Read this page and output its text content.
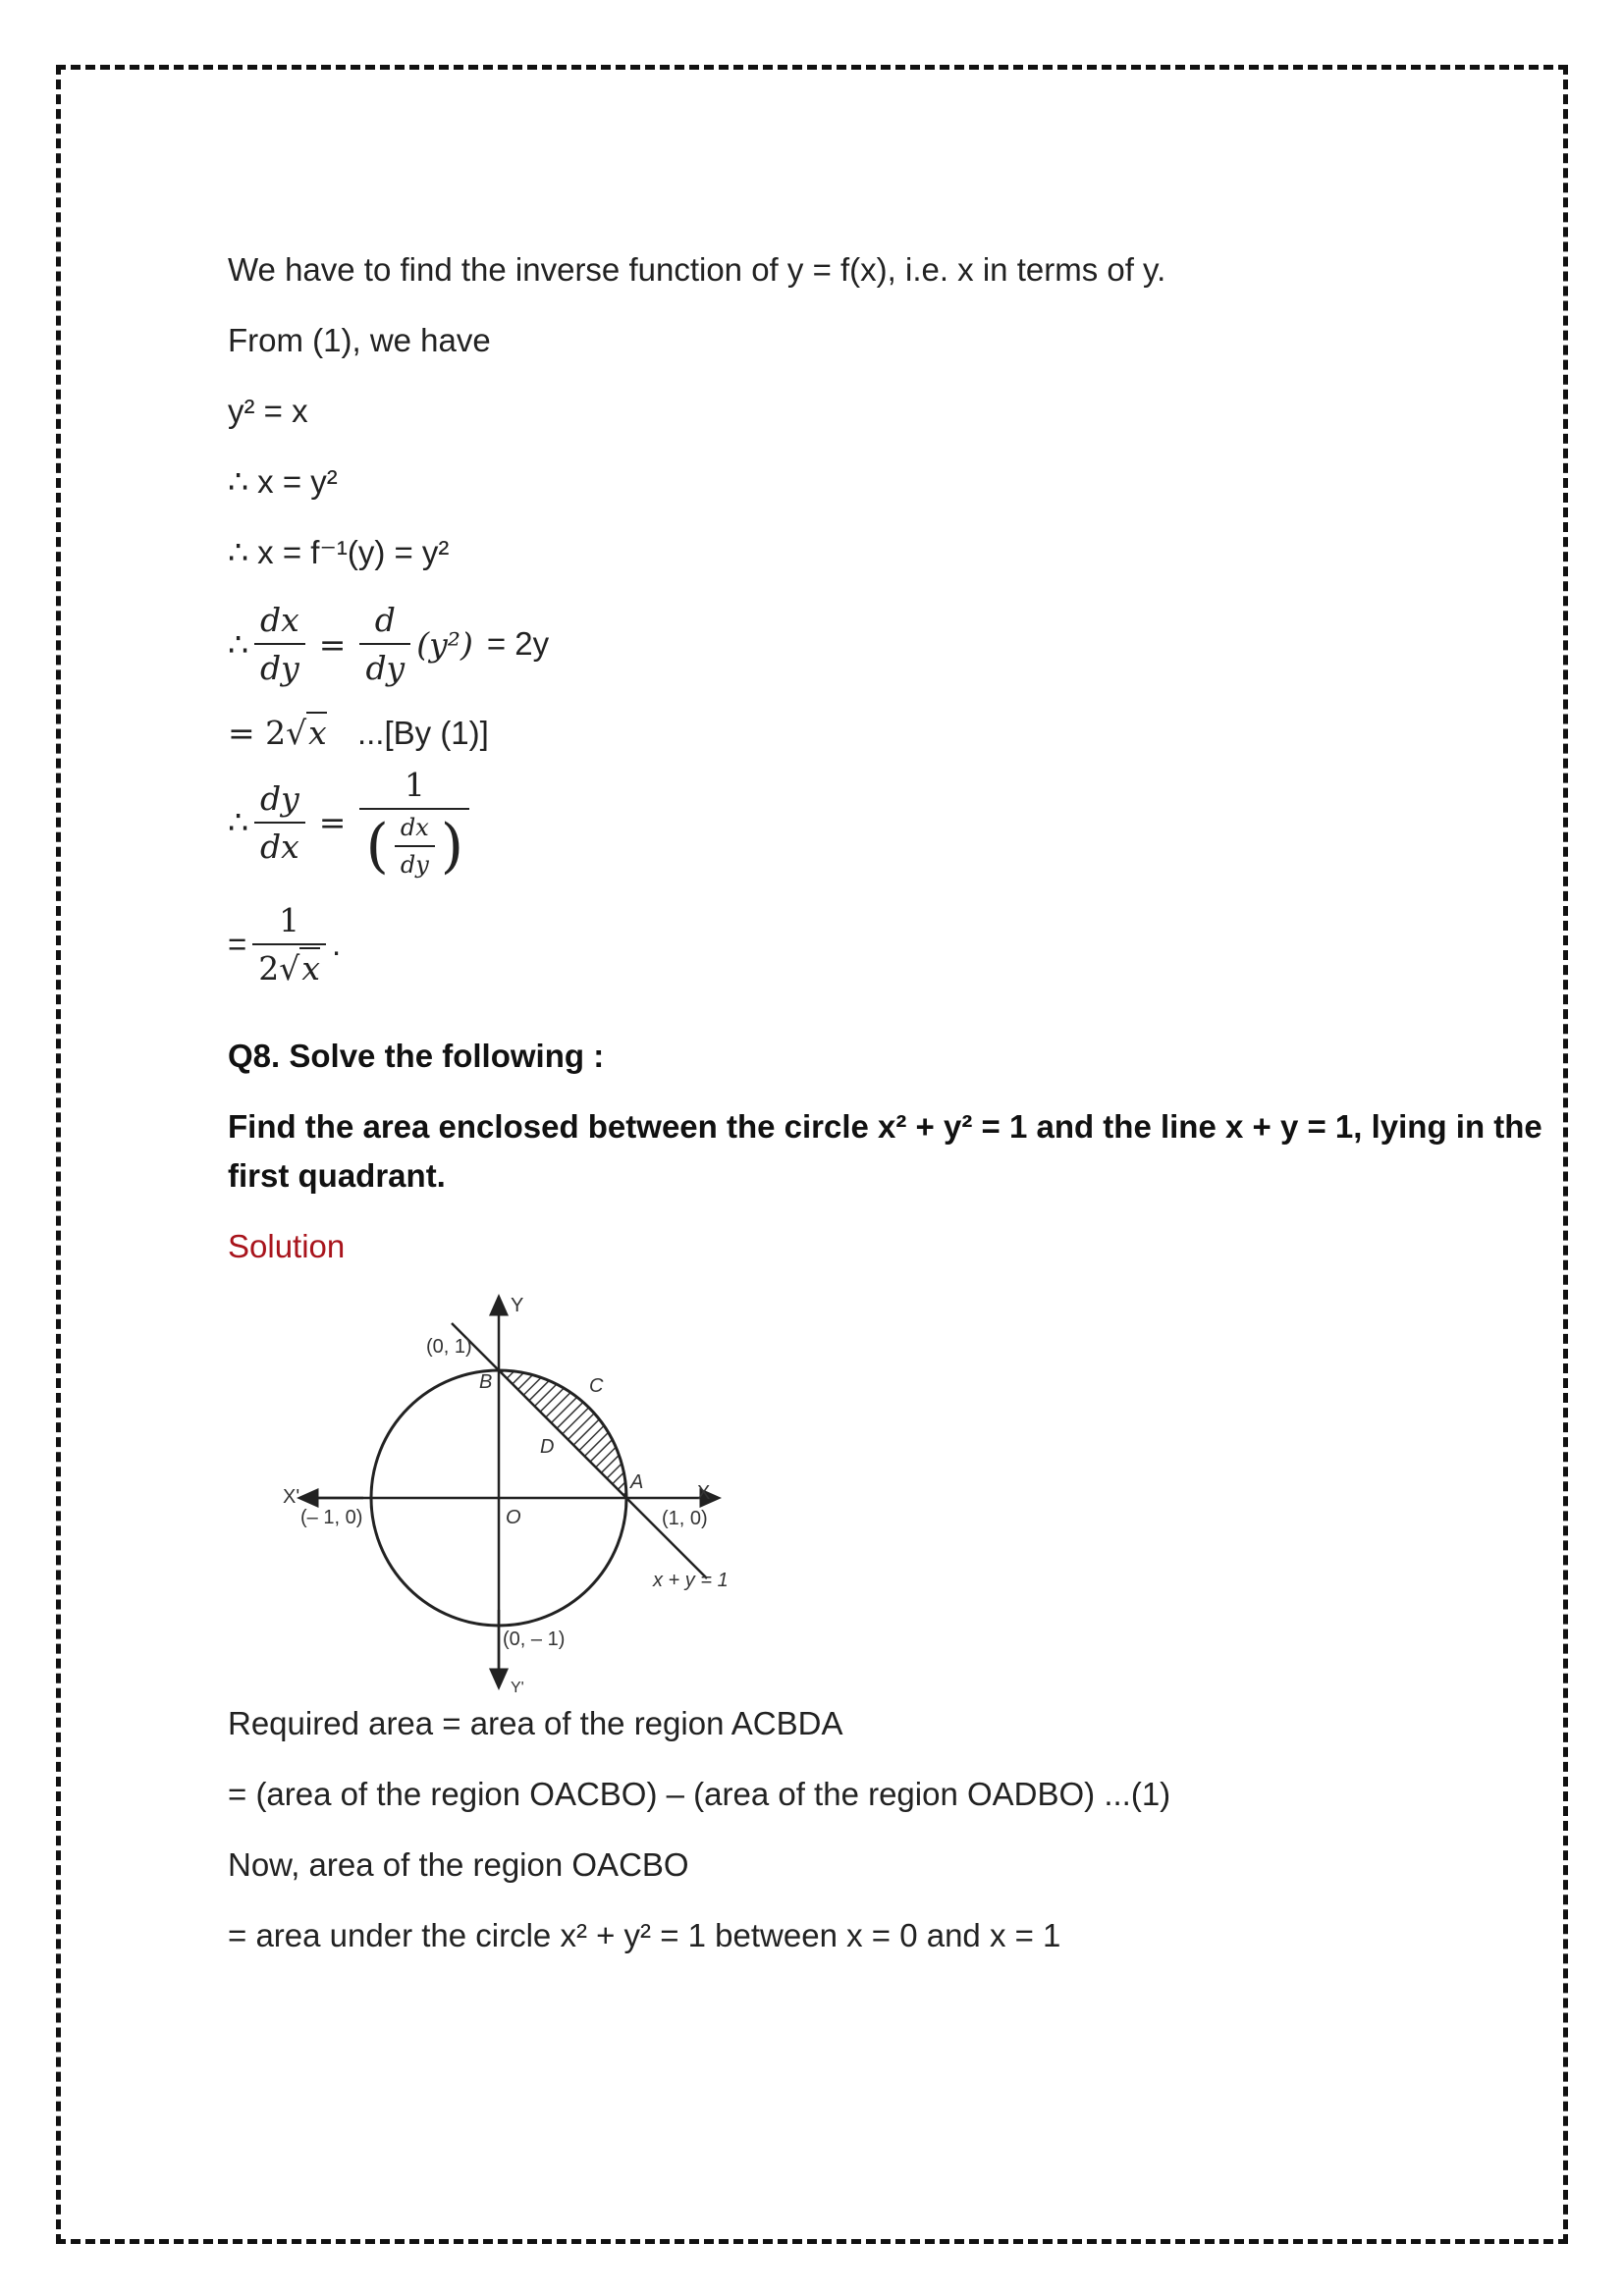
We have to find the inverse function of y = f(x), i.e. x in terms of y.
From (1), we have
y² = x
∴ x = y²
∴ x = f⁻¹(y) = y²
∴ $\frac{dx}{dy} = \frac{d}{dy} (y^2) = 2y$
= 2√x ...[By (1)]
∴ $\frac{dy}{dx} = \frac{1}{( \frac{dx}{dy} )}$
= $\frac{1}{2√x}$ .
Q8. Solve the following :
Find the area enclosed between the circle x² + y² = 1 and the line x + y = 1, lying in the
first quadrant.
Solution
Y
Y'
X
X'
(0, 1)
B	C
D
A
O	(1, 0)
(– 1, 0)
(0, – 1)
x + y = 1
Required area = area of the region ACBDA
= (area of the region OACBO) – (area of the region OADBO) ...(1)
Now, area of the region OACBO
= area under the circle x² + y² = 1 between x = 0 and x = 1
